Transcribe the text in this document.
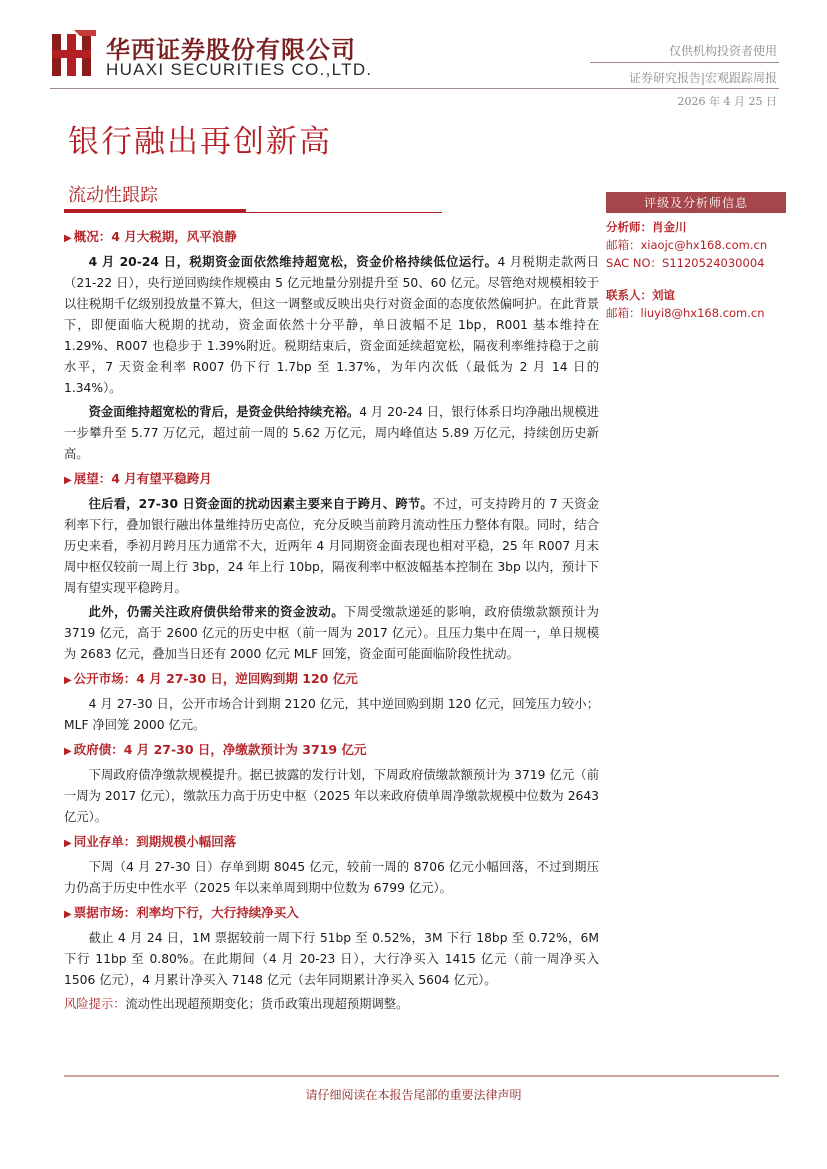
华西证券股份有限公司
HUAXI SECURITIES CO.,LTD.
仅供机构投资者使用
证券研究报告|宏观跟踪周报
2026 年 4 月 25 日
银行融出再创新高
流动性跟踪	评级及分析师信息
分析师：肖金川
邮箱：xiaojc@hx168.com.cn
SAC NO：S1120524030004
联系人：刘谊
邮箱：liuyi8@hx168.com.cn
▶ 概况：4 月大税期，风平浪静

4 月 20-24 日，税期资金面依然维持超宽松，资金价格持续低位运行。4 月税期走款两日（21-22 日），央行逆回购续作规模由 5 亿元地量分别提升至 50、60 亿元。尽管绝对规模相较于以往税期千亿级别投放量不算大，但这一调整或反映出央行对资金面的态度依然偏呵护。在此背景下，即便面临大税期的扰动，资金面依然十分平静，单日波幅不足 1bp，R001 基本维持在 1.29%、R007 也稳步于 1.39%附近。税期结束后，资金面延续超宽松，隔夜利率维持稳于之前水平，7 天资金利率 R007 仍下行 1.7bp 至 1.37%，为年内次低（最低为 2 月 14 日的 1.34%）。

资金面维持超宽松的背后，是资金供给持续充裕。4 月 20-24 日，银行体系日均净融出规模进一步攀升至 5.77 万亿元，超过前一周的 5.62 万亿元，周内峰值达 5.89 万亿元，持续创历史新高。

▶ 展望：4 月有望平稳跨月

往后看，27-30 日资金面的扰动因素主要来自于跨月、跨节。不过，可支持跨月的 7 天资金利率下行，叠加银行融出体量维持历史高位，充分反映当前跨月流动性压力整体有限。同时，结合历史来看，季初月跨月压力通常不大，近两年 4 月同期资金面表现也相对平稳，25 年 R007 月末周中枢仅较前一周上行 3bp，24 年上行 10bp，隔夜利率中枢波幅基本控制在 3bp 以内，预计下周有望实现平稳跨月。

此外，仍需关注政府债供给带来的资金波动。下周受缴款递延的影响，政府债缴款额预计为 3719 亿元，高于 2600 亿元的历史中枢（前一周为 2017 亿元）。且压力集中在周一，单日规模为 2683 亿元，叠加当日还有 2000 亿元 MLF 回笼，资金面可能面临阶段性扰动。

▶ 公开市场：4 月 27-30 日，逆回购到期 120 亿元

4 月 27-30 日，公开市场合计到期 2120 亿元，其中逆回购到期 120 亿元，回笼压力较小；MLF 净回笼 2000 亿元。

▶ 政府债：4 月 27-30 日，净缴款预计为 3719 亿元

下周政府债净缴款规模提升。据已披露的发行计划，下周政府债缴款额预计为 3719 亿元（前一周为 2017 亿元），缴款压力高于历史中枢（2025 年以来政府债单周净缴款规模中位数为 2643 亿元）。

▶ 同业存单：到期规模小幅回落

下周（4 月 27-30 日）存单到期 8045 亿元，较前一周的 8706 亿元小幅回落，不过到期压力仍高于历史中性水平（2025 年以来单周到期中位数为 6799 亿元）。

▶ 票据市场：利率均下行，大行持续净买入

截止 4 月 24 日，1M 票据较前一周下行 51bp 至 0.52%，3M 下行 18bp 至 0.72%，6M 下行 11bp 至 0.80%。在此期间（4 月 20-23 日），大行净买入 1415 亿元（前一周净买入 1506 亿元），4 月累计净买入 7148 亿元（去年同期累计净买入 5604 亿元）。

风险提示：流动性出现超预期变化；货币政策出现超预期调整。

请仔细阅读在本报告尾部的重要法律声明
